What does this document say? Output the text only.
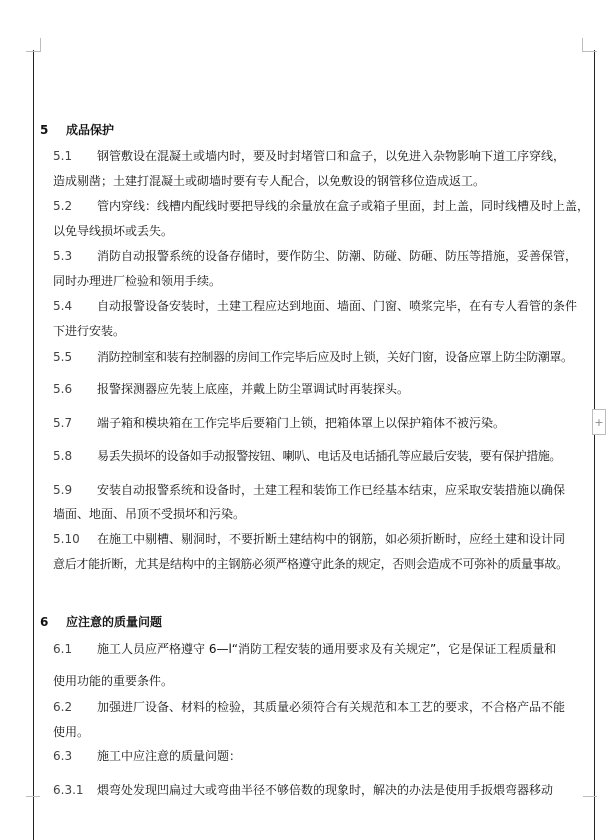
+
5 成品保护
5.1 钢管敷设在混凝土或墙内时，要及时封堵管口和盒子，以免进入杂物影响下道工序穿线，
造成剔凿；土建打混凝土或砌墙时要有专人配合，以免敷设的钢管移位造成返工。
5.2 管内穿线：线槽内配线时要把导线的余量放在盒子或箱子里面，封上盖，同时线槽及时上盖，
以免导线损坏或丢失。
5.3 消防自动报警系统的设备存储时，要作防尘、防潮、防碰、防砸、防压等措施，妥善保管，
同时办理进厂检验和领用手续。
5.4 自动报警设备安装时，土建工程应达到地面、墙面、门窗、喷浆完毕，在有专人看管的条件
下进行安装。
5.5 消防控制室和装有控制器的房间工作完毕后应及时上锁，关好门窗，设备应罩上防尘防潮罩。
5.6 报警探测器应先装上底座，并戴上防尘罩调试时再装探头。
5.7 端子箱和模块箱在工作完毕后要箱门上锁，把箱体罩上以保护箱体不被污染。
5.8 易丢失损坏的设备如手动报警按钮、喇叭、电话及电话插孔等应最后安装，要有保护措施。
5.9 安装自动报警系统和设备时，土建工程和装饰工作已经基本结束，应采取安装措施以确保
墙面、地面、吊顶不受损坏和污染。
5.10 在施工中剔槽、剔洞时，不要折断土建结构中的钢筋，如必须折断时，应经土建和设计同
意后才能折断，尤其是结构中的主钢筋必须严格遵守此条的规定，否则会造成不可弥补的质量事故。
6 应注意的质量问题
6.1 施工人员应严格遵守 6—l“消防工程安装的通用要求及有关规定”，它是保证工程质量和
使用功能的重要条件。
6.2 加强进厂设备、材料的检验，其质量必须符合有关规范和本工艺的要求，不合格产品不能
使用。
6.3 施工中应注意的质量问题：
6.3.1 煨弯处发现凹扁过大或弯曲半径不够倍数的现象时，解决的办法是使用手扳煨弯器移动
